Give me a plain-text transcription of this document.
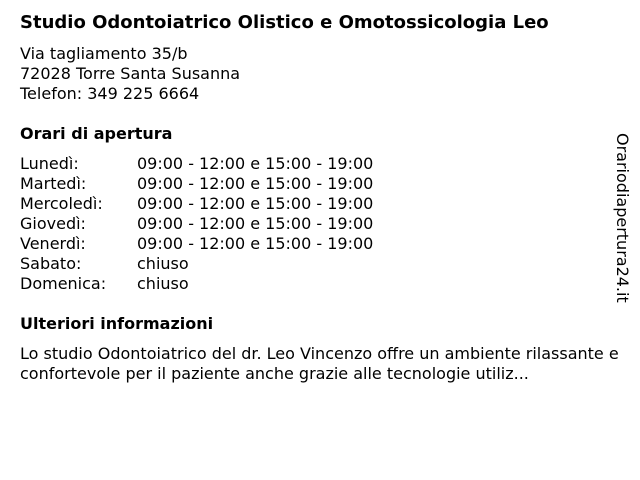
Studio Odontoiatrico Olistico e Omotossicologia Leo
Via tagliamento 35/b
72028 Torre Santa Susanna
Telefon: 349 225 6664
Orari di apertura
Lunedì:	09:00 - 12:00 e 15:00 - 19:00
Martedì:	09:00 - 12:00 e 15:00 - 19:00
Mercoledì:	09:00 - 12:00 e 15:00 - 19:00
Giovedì:	09:00 - 12:00 e 15:00 - 19:00
Venerdì:	09:00 - 12:00 e 15:00 - 19:00
Sabato:	chiuso
Domenica:	chiuso
Ulteriori informazioni
Lo studio Odontoiatrico del dr. Leo Vincenzo offre un ambiente rilassante e confortevole per il paziente anche grazie alle tecnologie utiliz...
Orariodiapertura24.it
